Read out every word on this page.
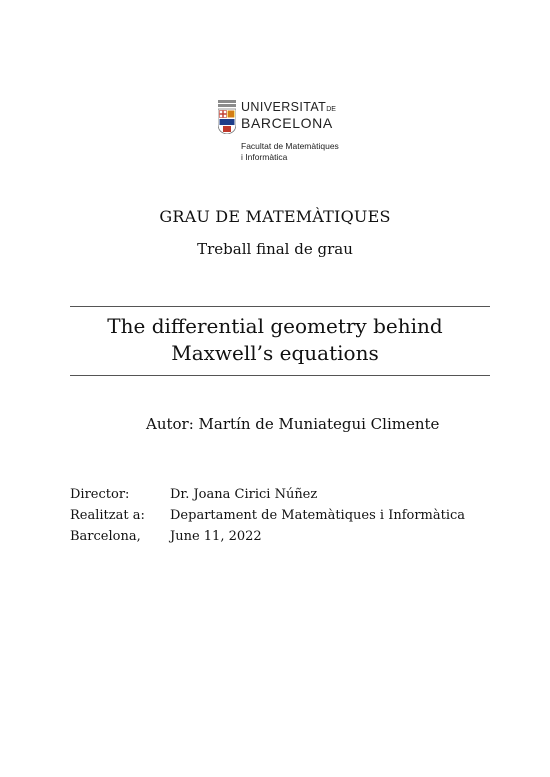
UNIVERSITATDE
BARCELONA
Facultat de Matemàtiques
i Informàtica
GRAU DE MATEMÀTIQUES
Treball final de grau
The differential geometry behind
Maxwell’s equations
Autor: Martín de Muniategui Climente
Director:	Dr. Joana Cirici Núñez
Realitzat a:	Departament de Matemàtiques i Informàtica
Barcelona,	June 11, 2022
